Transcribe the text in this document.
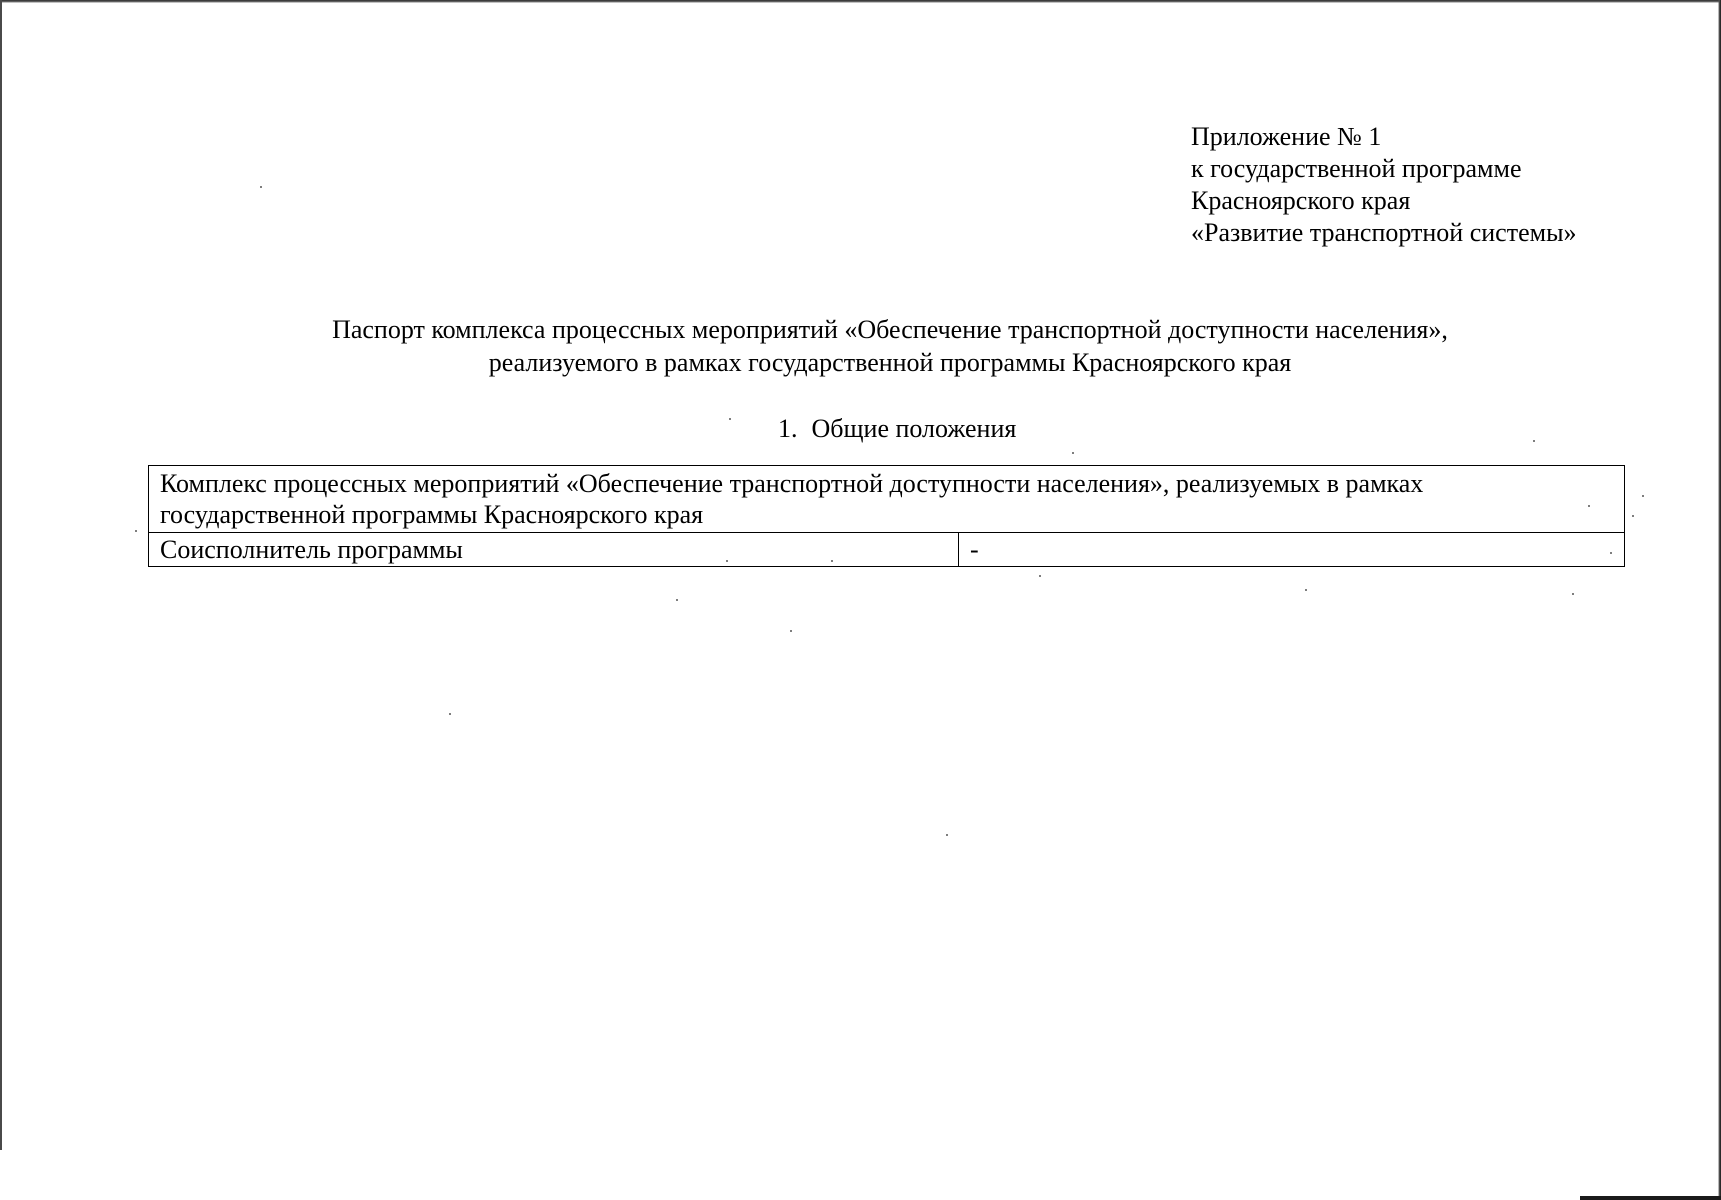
Приложение № 1
к государственной программе
Красноярского края
«Развитие транспортной системы»
Паспорт комплекса процессных мероприятий «Обеспечение транспортной доступности населения»,
реализуемого в рамках государственной программы Красноярского края
1. Общие положения
Комплекс процессных мероприятий «Обеспечение транспортной доступности населения», реализуемых в рамках государственной программы Красноярского края
Соисполнитель программы	-
